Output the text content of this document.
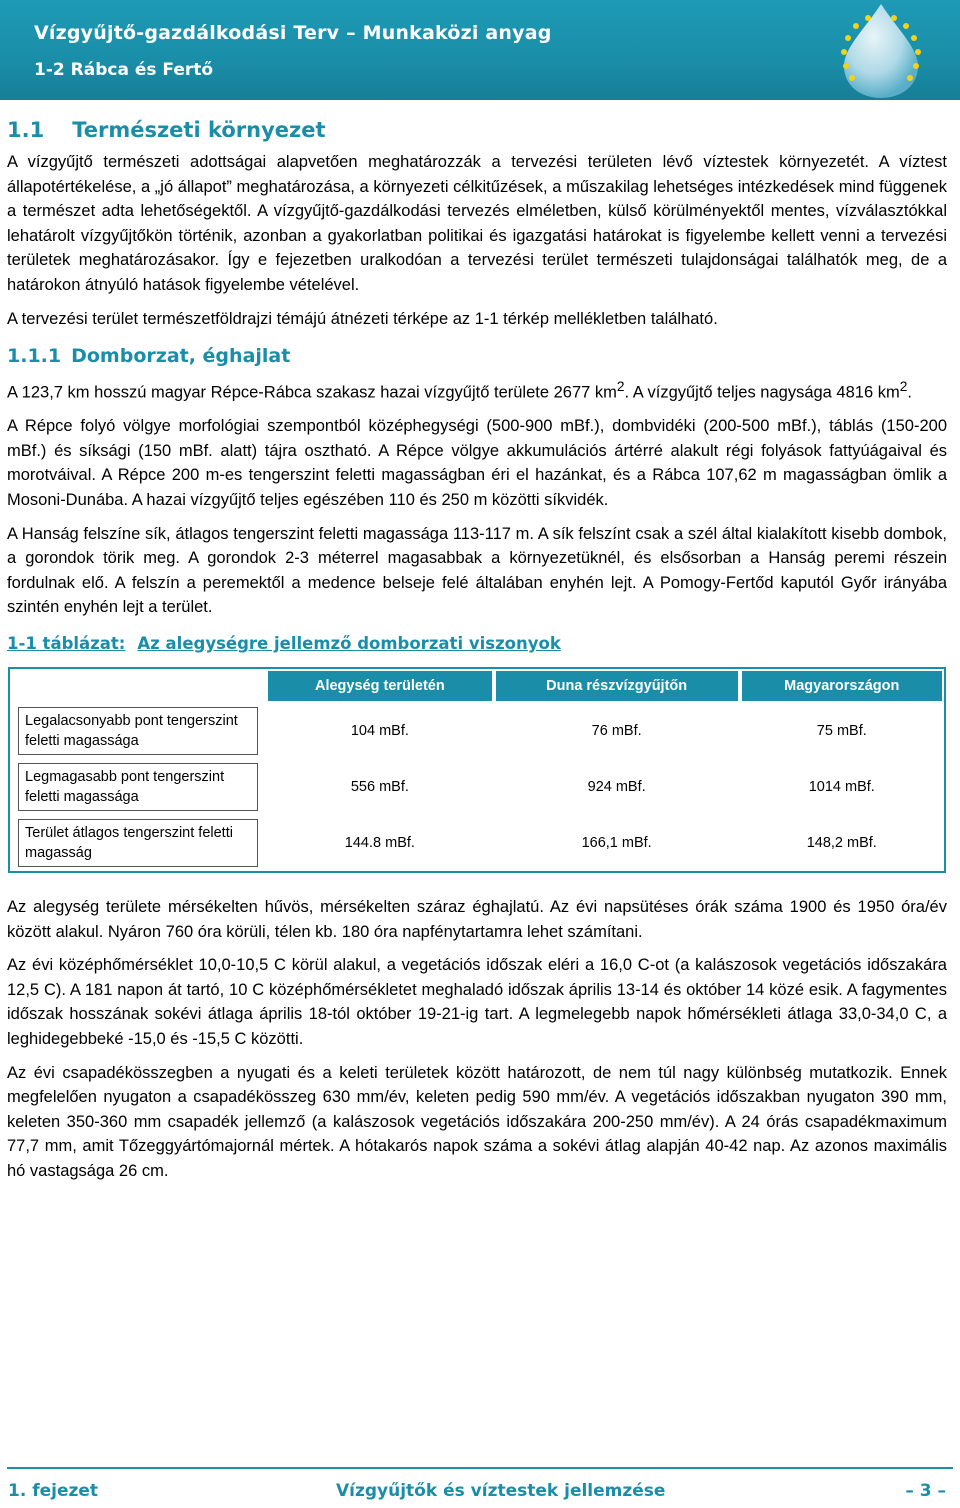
Vízgyűjtő-gazdálkodási Terv – Munkaközi anyag
1-2 Rábca és Fertő
1.1 Természeti környezet

A vízgyűjtő természeti adottságai alapvetően meghatározzák a tervezési területen lévő víztestek környezetét. A víztest állapotértékelése, a „jó állapot” meghatározása, a környezeti célkitűzések, a műszakilag lehetséges intézkedések mind függenek a természet adta lehetőségektől. A vízgyűjtő-gazdálkodási tervezés elméletben, külső körülményektől mentes, vízválasztókkal lehatárolt vízgyűjtőkön történik, azonban a gyakorlatban politikai és igazgatási határokat is figyelembe kellett venni a tervezési területek meghatározásakor. Így e fejezetben uralkodóan a tervezési terület természeti tulajdonságai találhatók meg, de a határokon átnyúló hatások figyelembe vételével.

A tervezési terület természetföldrajzi témájú átnézeti térképe az 1-1 térkép mellékletben található.

1.1.1 Domborzat, éghajlat

A 123,7 km hosszú magyar Répce-Rábca szakasz hazai vízgyűjtő területe 2677 $km^2$. A vízgyűjtő teljes nagysága 4816 $km^2$.

A Répce folyó völgye morfológiai szempontból középhegységi (500-900 mBf.), dombvidéki (200-500 mBf.), táblás (150-200 mBf.) és síksági (150 mBf. alatt) tájra osztható. A Répce völgye akkumulációs ártérré alakult régi folyások fattyúágaival és morotváival. A Répce 200 m-es tengerszint feletti magasságban éri el hazánkat, és a Rábca 107,62 m magasságban ömlik a Mosoni-Dunába. A hazai vízgyűjtő teljes egészében 110 és 250 m közötti síkvidék.

A Hanság felszíne sík, átlagos tengerszint feletti magassága 113-117 m. A sík felszínt csak a szél által kialakított kisebb dombok, a gorondok törik meg. A gorondok 2-3 méterrel magasabbak a környezetüknél, és elsősorban a Hanság peremi részein fordulnak elő. A felszín a peremektől a medence belseje felé általában enyhén lejt. A Pomogy-Fertőd kaputól Győr irányába szintén enyhén lejt a terület.

1-1 táblázat: Az alegységre jellemző domborzati viszonyok
	Alegység területén	Duna részvízgyűjtőn	Magyarországon

Legalacsonyabb pont tengerszint feletti magassága	104 mBf.	76 mBf.	75 mBf.

Legmagasabb pont tengerszint feletti magassága	556 mBf.	924 mBf.	1014 mBf.

Terület átlagos tengerszint feletti magasság	144.8 mBf.	166,1 mBf.	148,2 mBf.

Az alegység területe mérsékelten hűvös, mérsékelten száraz éghajlatú. Az évi napsütéses órák száma 1900 és 1950 óra/év között alakul. Nyáron 760 óra körüli, télen kb. 180 óra napfénytartamra lehet számítani.

Az évi középhőmérséklet 10,0-10,5 C körül alakul, a vegetációs időszak eléri a 16,0 C-ot (a kalászosok vegetációs időszakára 12,5 C). A 181 napon át tartó, 10 C középhőmérsékletet meghaladó időszak április 13-14 és október 14 közé esik. A fagymentes időszak hosszának sokévi átlaga április 18-tól október 19-21-ig tart. A legmelegebb napok hőmérsékleti átlaga 33,0-34,0 C, a leghidegebbeké -15,0 és -15,5 C közötti.

Az évi csapadékösszegben a nyugati és a keleti területek között határozott, de nem túl nagy különbség mutatkozik. Ennek megfelelően nyugaton a csapadékösszeg 630 mm/év, keleten pedig 590 mm/év. A vegetációs időszakban nyugaton 390 mm, keleten 350-360 mm csapadék jellemző (a kalászosok vegetációs időszakára 200-250 mm/év). A 24 órás csapadékmaximum 77,7 mm, amit Tőzeggyártómajornál mértek. A hótakarós napok száma a sokévi átlag alapján 40-42 nap. Az azonos maximális hó vastagsága 26 cm.

1. fejezet	Vízgyűjtők és víztestek jellemzése	– 3 –
